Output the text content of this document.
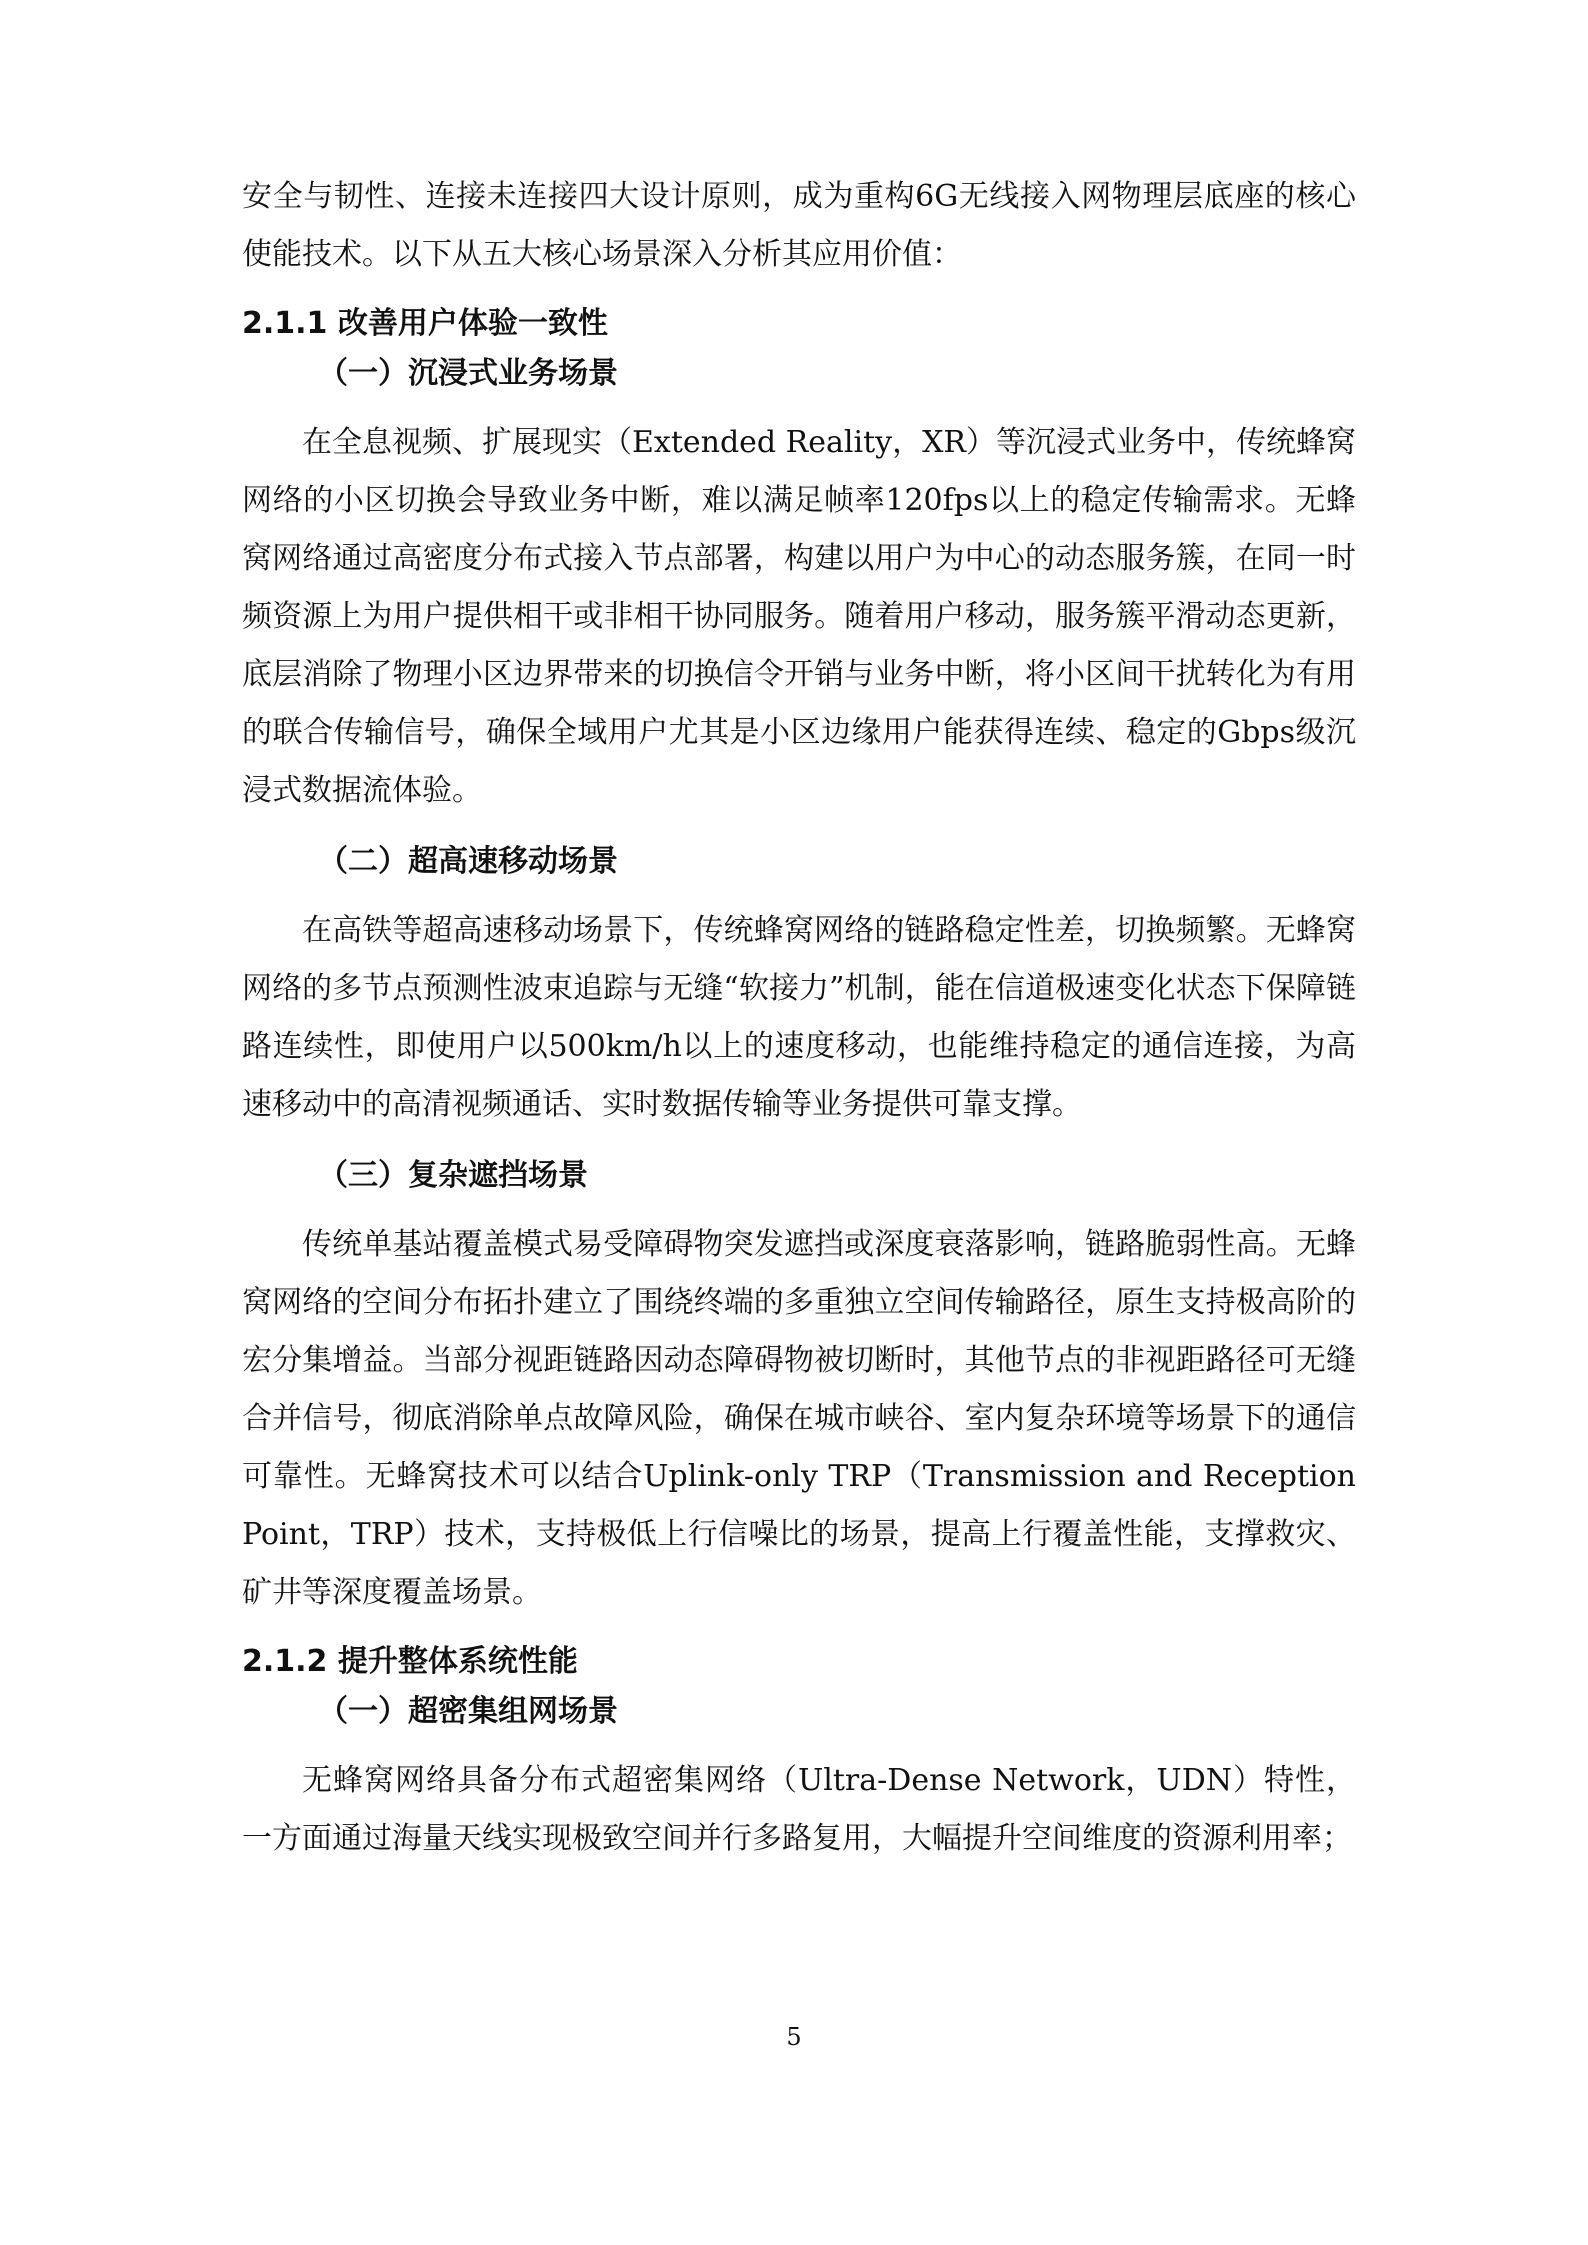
安全与韧性、连接未连接四大设计原则，成为重构6G无线接入网物理层底座的核心使能技术。以下从五大核心场景深入分析其应用价值：

2.1.1 改善用户体验一致性
（一）沉浸式业务场景

在全息视频、扩展现实（Extended Reality，XR）等沉浸式业务中，传统蜂窝网络的小区切换会导致业务中断，难以满足帧率120fps以上的稳定传输需求。无蜂窝网络通过高密度分布式接入节点部署，构建以用户为中心的动态服务簇，在同一时频资源上为用户提供相干或非相干协同服务。随着用户移动，服务簇平滑动态更新，底层消除了物理小区边界带来的切换信令开销与业务中断，将小区间干扰转化为有用的联合传输信号，确保全域用户尤其是小区边缘用户能获得连续、稳定的Gbps级沉浸式数据流体验。

（二）超高速移动场景

在高铁等超高速移动场景下，传统蜂窝网络的链路稳定性差，切换频繁。无蜂窝网络的多节点预测性波束追踪与无缝“软接力”机制，能在信道极速变化状态下保障链路连续性，即使用户以500km/h以上的速度移动，也能维持稳定的通信连接，为高速移动中的高清视频通话、实时数据传输等业务提供可靠支撑。

（三）复杂遮挡场景

传统单基站覆盖模式易受障碍物突发遮挡或深度衰落影响，链路脆弱性高。无蜂窝网络的空间分布拓扑建立了围绕终端的多重独立空间传输路径，原生支持极高阶的宏分集增益。当部分视距链路因动态障碍物被切断时，其他节点的非视距路径可无缝合并信号，彻底消除单点故障风险，确保在城市峡谷、室内复杂环境等场景下的通信可靠性。无蜂窝技术可以结合Uplink-only TRP（Transmission and Reception Point，TRP）技术，支持极低上行信噪比的场景，提高上行覆盖性能，支撑救灾、矿井等深度覆盖场景。

2.1.2 提升整体系统性能
（一）超密集组网场景

无蜂窝网络具备分布式超密集网络（Ultra-Dense Network，UDN）特性，一方面通过海量天线实现极致空间并行多路复用，大幅提升空间维度的资源利用率；

5
